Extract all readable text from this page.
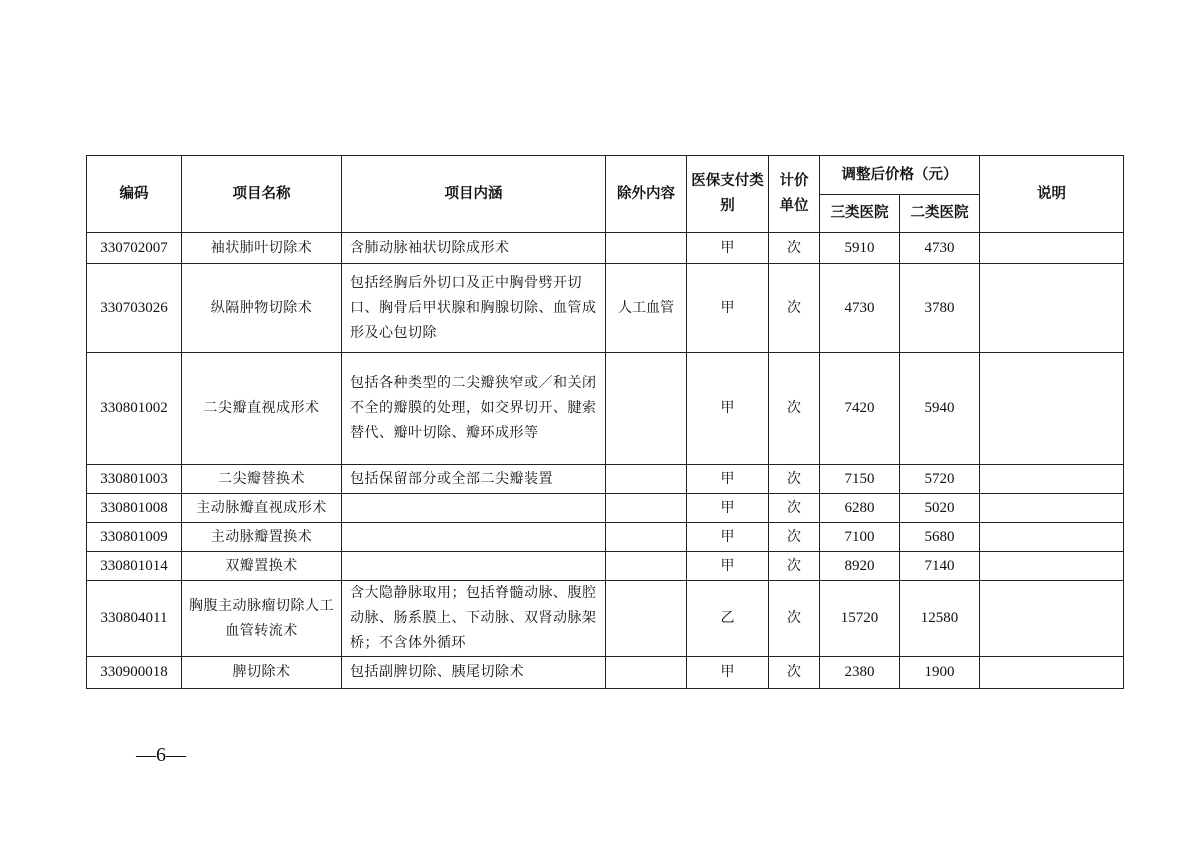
编码	项目名称	项目内涵	除外内容	医保支付类别	计价单位	调整后价格（元）		说明
						三类医院	二类医院	
330702007	袖状肺叶切除术	含肺动脉袖状切除成形术		甲	次	5910	4730	
330703026	纵隔肿物切除术	包括经胸后外切口及正中胸骨劈开切口、胸骨后甲状腺和胸腺切除、血管成形及心包切除	人工血管	甲	次	4730	3780	
330801002	二尖瓣直视成形术	包括各种类型的二尖瓣狭窄或／和关闭不全的瓣膜的处理，如交界切开、腱索替代、瓣叶切除、瓣环成形等		甲	次	7420	5940	
330801003	二尖瓣替换术	包括保留部分或全部二尖瓣装置		甲	次	7150	5720	
330801008	主动脉瓣直视成形术			甲	次	6280	5020	
330801009	主动脉瓣置换术			甲	次	7100	5680	
330801014	双瓣置换术			甲	次	8920	7140	
330804011	胸腹主动脉瘤切除人工血管转流术	含大隐静脉取用；包括脊髓动脉、腹腔动脉、肠系膜上、下动脉、双肾动脉架桥；不含体外循环		乙	次	15720	12580	
330900018	脾切除术	包括副脾切除、胰尾切除术		甲	次	2380	1900	
—6—
